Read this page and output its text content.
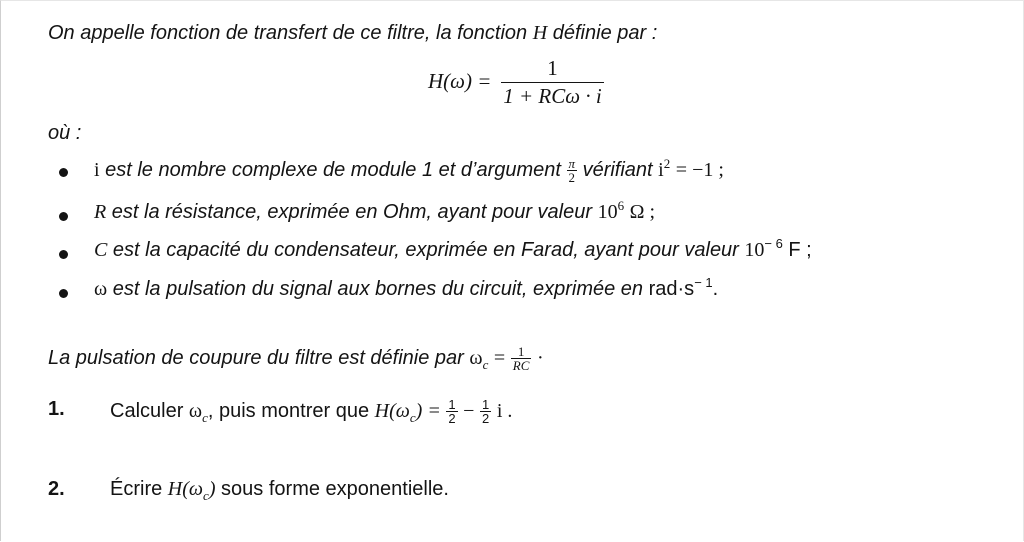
On appelle fonction de transfert de ce filtre, la fonction H définie par :
$H(\omega) = \frac{1}{\text{1 + RCω · i}}$
où :
i est le nombre complexe de module 1 et d’argument $\frac{\pi}{2}$ vérifiant $i^2 = -1$ ;
R est la résistance, exprimée en Ohm, ayant pour valeur $10^6$ Ω ;
C est la capacité du condensateur, exprimée en Farad, ayant pour valeur $10^{- 6}$ F ;
ω est la pulsation du signal aux bornes du circuit, exprimée en $rad\cdot s^{- 1}$.
La pulsation de coupure du filtre est définie par $\omega_c = \frac{1}{RC}$ ·
1. Calculer $\omega_c$, puis montrer que $H(\omega_c) = \frac{1}{2} - \frac{1}{2}$ i .
2. Écrire $H(\omega_c)$ sous forme exponentielle.
